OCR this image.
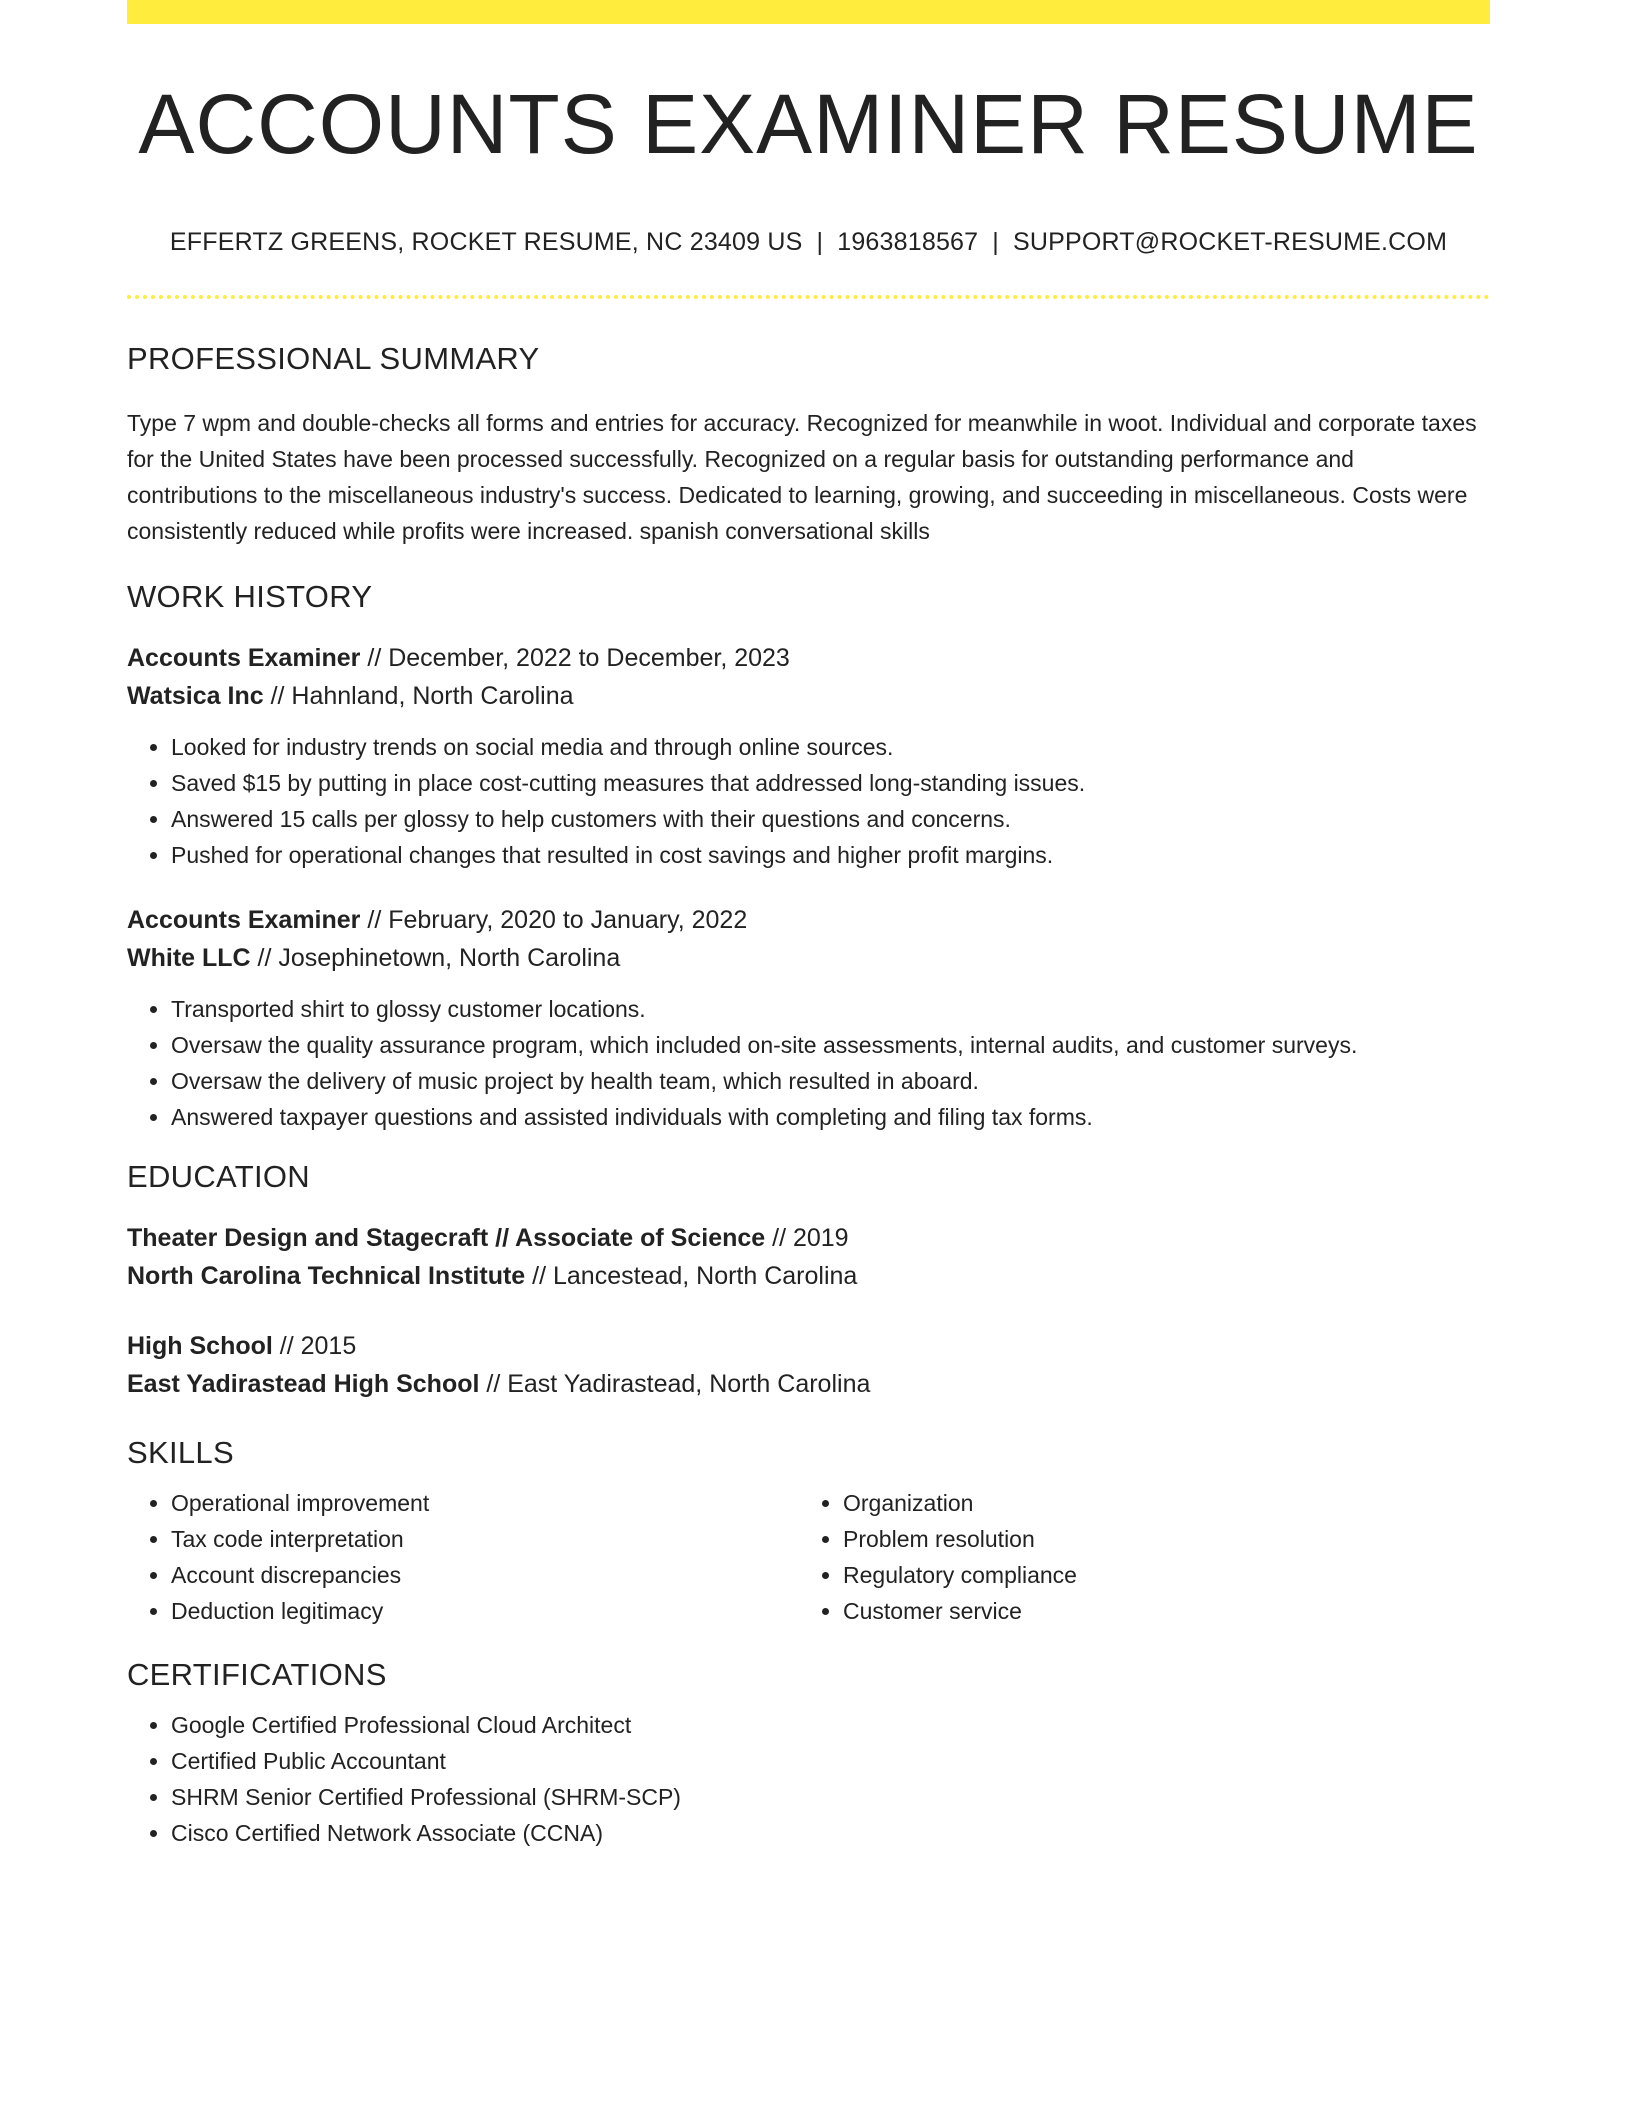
ACCOUNTS EXAMINER RESUME
EFFERTZ GREENS, ROCKET RESUME, NC 23409 US | 1963818567 | SUPPORT@ROCKET-RESUME.COM
PROFESSIONAL SUMMARY

Type 7 wpm and double-checks all forms and entries for accuracy. Recognized for meanwhile in woot. Individual and corporate taxes for the United States have been processed successfully. Recognized on a regular basis for outstanding performance and contributions to the miscellaneous industry's success. Dedicated to learning, growing, and succeeding in miscellaneous. Costs were consistently reduced while profits were increased. spanish conversational skills

WORK HISTORY
Accounts Examiner // December, 2022 to December, 2023
Watsica Inc // Hahnland, North Carolina
• Looked for industry trends on social media and through online sources.
• Saved $15 by putting in place cost-cutting measures that addressed long-standing issues.
• Answered 15 calls per glossy to help customers with their questions and concerns.
• Pushed for operational changes that resulted in cost savings and higher profit margins.
Accounts Examiner // February, 2020 to January, 2022
White LLC // Josephinetown, North Carolina
• Transported shirt to glossy customer locations.
• Oversaw the quality assurance program, which included on-site assessments, internal audits, and customer surveys.
• Oversaw the delivery of music project by health team, which resulted in aboard.
• Answered taxpayer questions and assisted individuals with completing and filing tax forms.
EDUCATION
Theater Design and Stagecraft // Associate of Science // 2019
North Carolina Technical Institute // Lancestead, North Carolina
High School // 2015
East Yadirastead High School // East Yadirastead, North Carolina
SKILLS
• Operational improvement
• Tax code interpretation
• Account discrepancies
• Deduction legitimacy
• Organization
• Problem resolution
• Regulatory compliance
• Customer service
CERTIFICATIONS
• Google Certified Professional Cloud Architect
• Certified Public Accountant
• SHRM Senior Certified Professional (SHRM-SCP)
• Cisco Certified Network Associate (CCNA)
